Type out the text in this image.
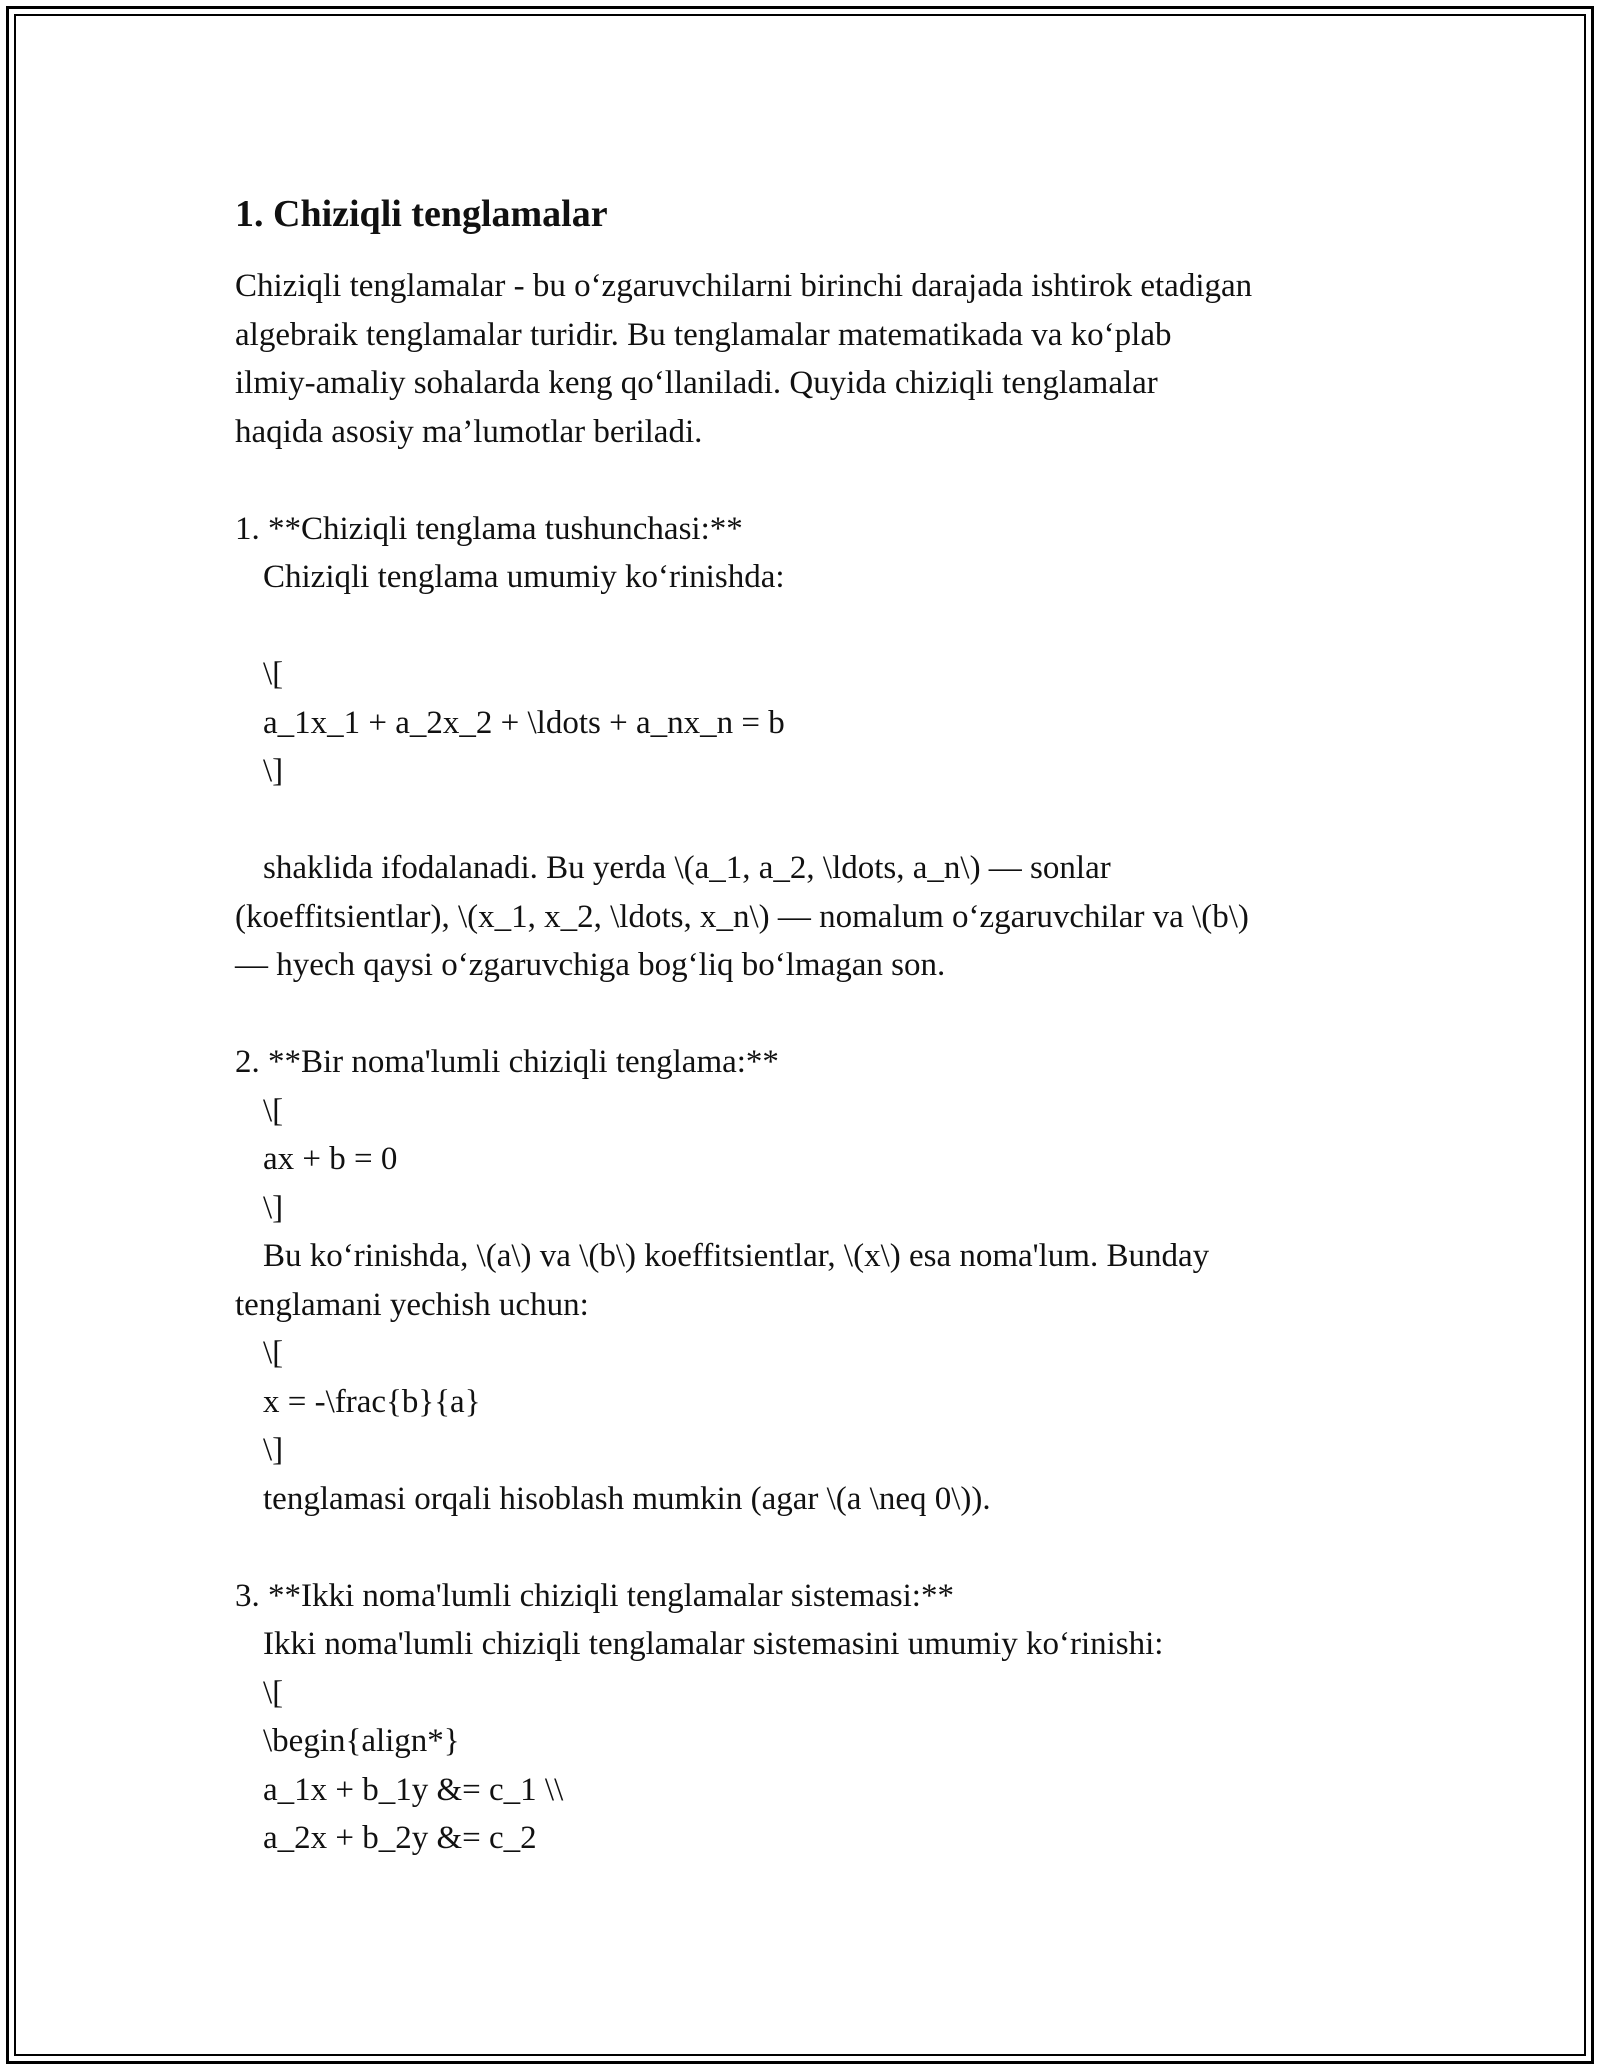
1. Chiziqli tenglamalar
Chiziqli tenglamalar - bu o‘zgaruvchilarni birinchi darajada ishtirok etadigan
algebraik tenglamalar turidir. Bu tenglamalar matematikada va ko‘plab
ilmiy-amaliy sohalarda keng qo‘llaniladi. Quyida chiziqli tenglamalar
haqida asosiy ma’lumotlar beriladi.
1. **Chiziqli tenglama tushunchasi:**
Chiziqli tenglama umumiy ko‘rinishda:
\[
a_1x_1 + a_2x_2 + \ldots + a_nx_n = b
\]
shaklida ifodalanadi. Bu yerda \(a_1, a_2, \ldots, a_n\) — sonlar
(koeffitsientlar), \(x_1, x_2, \ldots, x_n\) — nomalum o‘zgaruvchilar va \(b\)
— hyech qaysi o‘zgaruvchiga bog‘liq bo‘lmagan son.
2. **Bir noma'lumli chiziqli tenglama:**
\[
ax + b = 0
\]
Bu ko‘rinishda, \(a\) va \(b\) koeffitsientlar, \(x\) esa noma'lum. Bunday
tenglamani yechish uchun:
\[
x = -\frac{b}{a}
\]
tenglamasi orqali hisoblash mumkin (agar \(a \neq 0\)).
3. **Ikki noma'lumli chiziqli tenglamalar sistemasi:**
Ikki noma'lumli chiziqli tenglamalar sistemasini umumiy ko‘rinishi:
\[
\begin{align*}
a_1x + b_1y &= c_1 \\
a_2x + b_2y &= c_2
